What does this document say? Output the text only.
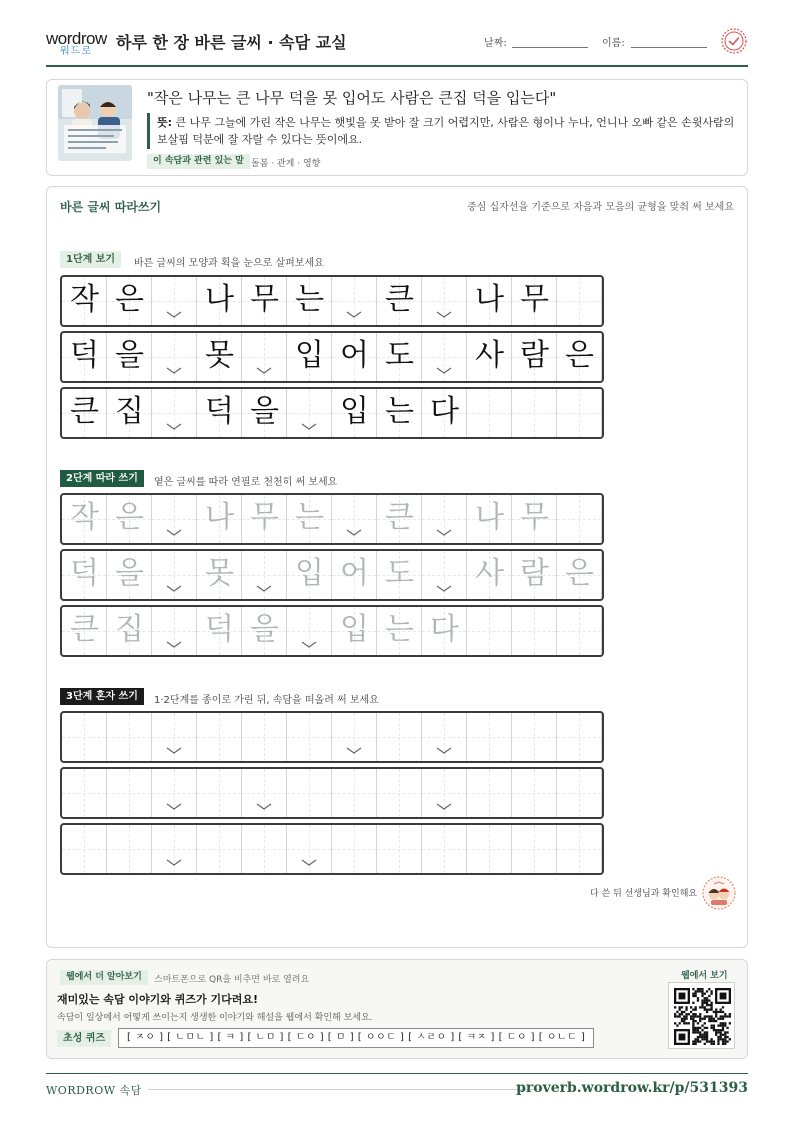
wordrow
워드로	하루 한 장 바른 글씨 · 속담 교실	날짜:	이름:
"작은 나무는 큰 나무 덕을 못 입어도 사람은 큰집 덕을 입는다"
뜻: 큰 나무 그늘에 가린 작은 나무는 햇빛을 못 받아 잘 크기 어렵지만, 사람은 형이나 누나, 언니나 오빠 같은 손윗사람의 보살핌 덕분에 잘 자랄 수 있다는 뜻이에요.
이 속담과 관련 있는 말 돌봄 · 관계 · 영향
바른 글씨 따라쓰기	중심 십자선을 기준으로 자음과 모음의 균형을 맞춰 써 보세요
1단계 보기	바른 글씨의 모양과 획을 눈으로 살펴보세요
2단계 따라 쓰기	옅은 글씨를 따라 연필로 천천히 써 보세요
3단계 혼자 쓰기	1·2단계를 종이로 가린 뒤, 속담을 떠올려 써 보세요
작 은 나 무 는 큰 나 무
덕 을 못 입 어 도 사 람 은
큰 집 덕 을 입 는 다
작 은 나 무 는 큰 나 무
덕 을 못 입 어 도 사 람 은
큰 집 덕 을 입 는 다
다 쓴 뒤 선생님과 확인해요
웹에서 더 알아보기	스마트폰으로 QR을 비추면 바로 열려요
재미있는 속담 이야기와 퀴즈가 기다려요!
속담이 일상에서 어떻게 쓰이는지 생생한 이야기와 해설을 웹에서 확인해 보세요.
초성 퀴즈	[ ㅈㅇ ] [ ㄴㅁㄴ ] [ ㅋ ] [ ㄴㅁ ] [ ㄷㅇ ] [ ㅁ ] [ ㅇㅇㄷ ] [ ㅅㄹㅇ ] [ ㅋㅈ ] [ ㄷㅇ ] [ ㅇㄴㄷ ]
웹에서 보기
WORDROW 속담	proverb.wordrow.kr/p/531393
